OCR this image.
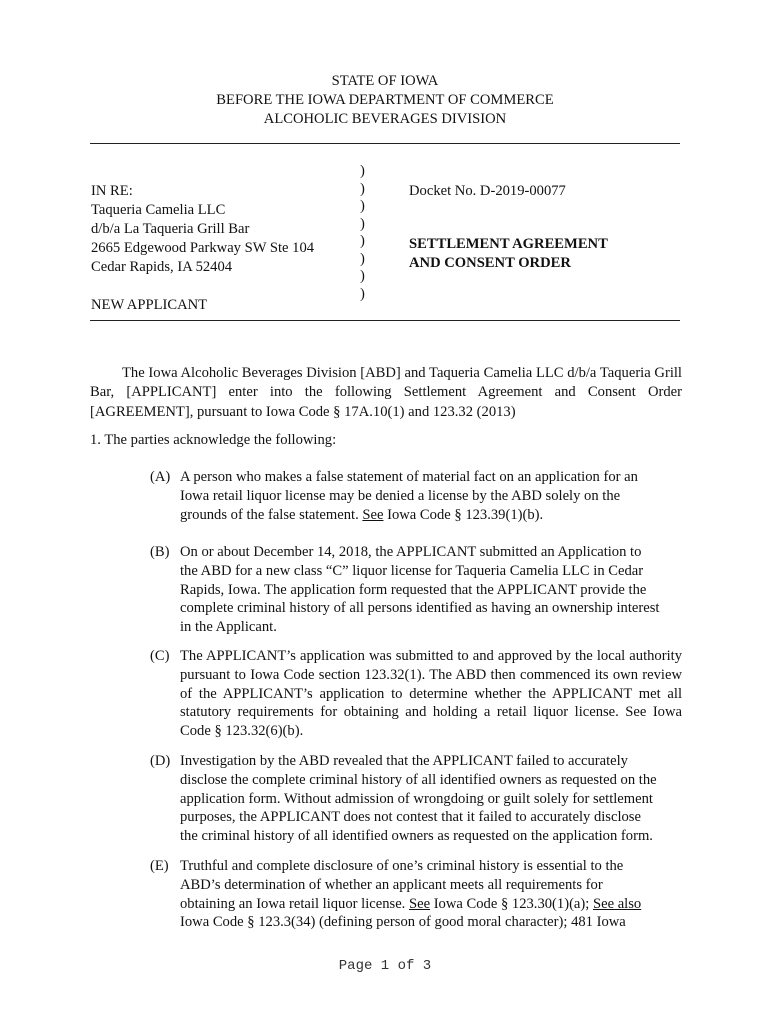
STATE OF IOWA
BEFORE THE IOWA DEPARTMENT OF COMMERCE
ALCOHOLIC BEVERAGES DIVISION
IN RE:
Taqueria Camelia LLC
d/b/a La Taqueria Grill Bar
2665 Edgewood Parkway SW Ste 104
Cedar Rapids, IA 52404
NEW APPLICANT
)
)
)
)
)
)
)
)
Docket No. D-2019-00077
SETTLEMENT AGREEMENT
AND CONSENT ORDER

The Iowa Alcoholic Beverages Division [ABD] and Taqueria Camelia LLC d/b/a Taqueria Grill Bar, [APPLICANT] enter into the following Settlement Agreement and Consent Order [AGREEMENT], pursuant to Iowa Code § 17A.10(1) and 123.32 (2013)

1. The parties acknowledge the following:
(A) A person who makes a false statement of material fact on an application for an
Iowa retail liquor license may be denied a license by the ABD solely on the
grounds of the false statement. See Iowa Code § 123.39(1)(b).
(B) On or about December 14, 2018, the APPLICANT submitted an Application to
the ABD for a new class “C” liquor license for Taqueria Camelia LLC in Cedar
Rapids, Iowa. The application form requested that the APPLICANT provide the
complete criminal history of all persons identified as having an ownership interest
in the Applicant.
(C) The APPLICANT’s application was submitted to and approved by the local authority pursuant to Iowa Code section 123.32(1). The ABD then commenced its own review of the APPLICANT’s application to determine whether the APPLICANT met all statutory requirements for obtaining and holding a retail liquor license. See Iowa Code § 123.32(6)(b).
(D) Investigation by the ABD revealed that the APPLICANT failed to accurately
disclose the complete criminal history of all identified owners as requested on the
application form. Without admission of wrongdoing or guilt solely for settlement
purposes, the APPLICANT does not contest that it failed to accurately disclose
the criminal history of all identified owners as requested on the application form.
(E) Truthful and complete disclosure of one’s criminal history is essential to the
ABD’s determination of whether an applicant meets all requirements for
obtaining an Iowa retail liquor license. See Iowa Code § 123.30(1)(a); See also
Iowa Code § 123.3(34) (defining person of good moral character); 481 Iowa
Page 1 of 3
